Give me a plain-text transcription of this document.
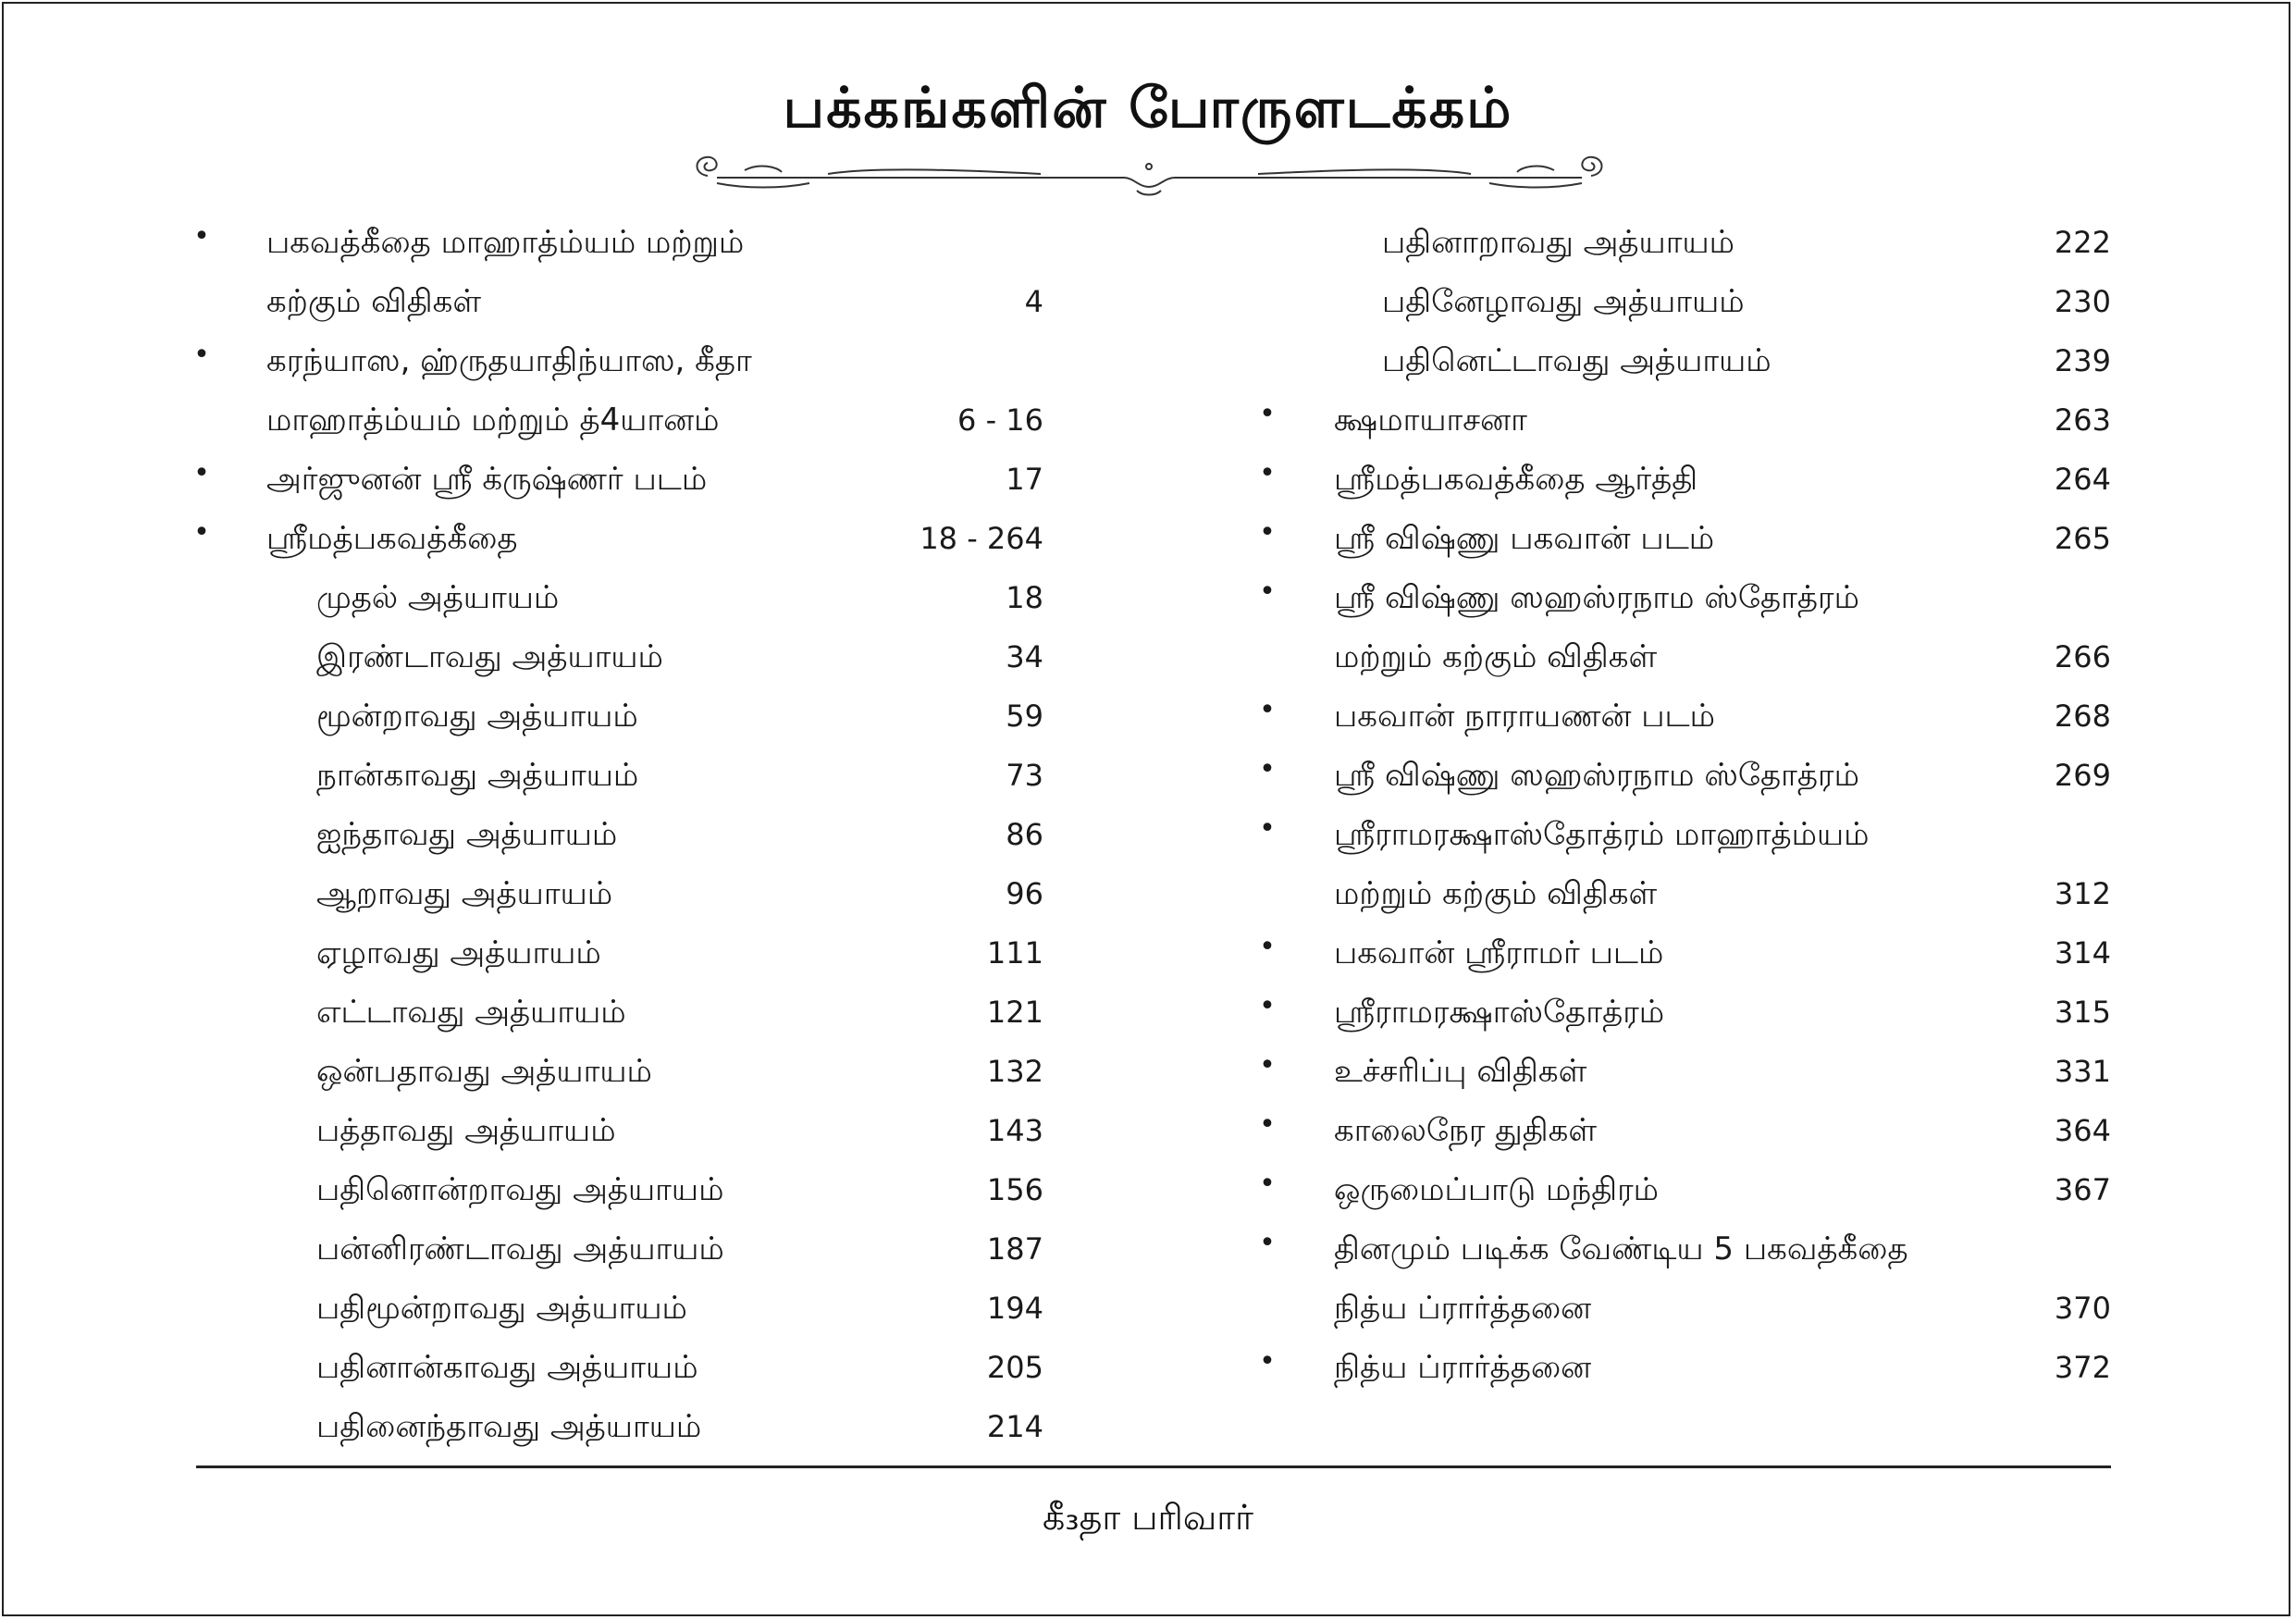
பக்கங்களின் போருளடக்கம்
கீ₃தா பரிவார்
• பகவத்கீதை மாஹாத்ம்யம் மற்றும்
கற்கும் விதிகள்	4
• கரந்யாஸ, ஹ்ருதயாதிந்யாஸ, கீதா
மாஹாத்ம்யம் மற்றும் த்4யானம்	6 - 16
• அர்ஜுனன் ஸ்ரீ க்ருஷ்ணர் படம்	17
• ஸ்ரீமத்பகவத்கீதை	18 - 264
முதல் அத்யாயம்	18
இரண்டாவது அத்யாயம்	34
மூன்றாவது அத்யாயம்	59
நான்காவது அத்யாயம்	73
ஐந்தாவது அத்யாயம்	86
ஆறாவது அத்யாயம்	96
ஏழாவது அத்யாயம்	111
எட்டாவது அத்யாயம்	121
ஒன்பதாவது அத்யாயம்	132
பத்தாவது அத்யாயம்	143
பதினொன்றாவது அத்யாயம்	156
பன்னிரண்டாவது அத்யாயம்	187
பதிமூன்றாவது அத்யாயம்	194
பதினான்காவது அத்யாயம்	205
பதினைந்தாவது அத்யாயம்	214
பதினாறாவது அத்யாயம்	222
பதினேழாவது அத்யாயம்	230
பதினெட்டாவது அத்யாயம்	239
• க்ஷமாயாசனா	263
• ஸ்ரீமத்பகவத்கீதை ஆர்த்தி	264
• ஸ்ரீ விஷ்ணு பகவான் படம்	265
• ஸ்ரீ விஷ்ணு ஸஹஸ்ரநாம ஸ்தோத்ரம்
மற்றும் கற்கும் விதிகள்	266
• பகவான் நாராயணன் படம்	268
• ஸ்ரீ விஷ்ணு ஸஹஸ்ரநாம ஸ்தோத்ரம்	269
• ஸ்ரீராமரக்ஷாஸ்தோத்ரம் மாஹாத்ம்யம்
மற்றும் கற்கும் விதிகள்	312
• பகவான் ஸ்ரீராமர் படம்	314
• ஸ்ரீராமரக்ஷாஸ்தோத்ரம்	315
• உச்சரிப்பு விதிகள்	331
• காலைநேர துதிகள்	364
• ஒருமைப்பாடு மந்திரம்	367
• தினமும் படிக்க வேண்டிய 5 பகவத்கீதை
நித்ய ப்ரார்த்தனை	370
• நித்ய ப்ரார்த்தனை	372
